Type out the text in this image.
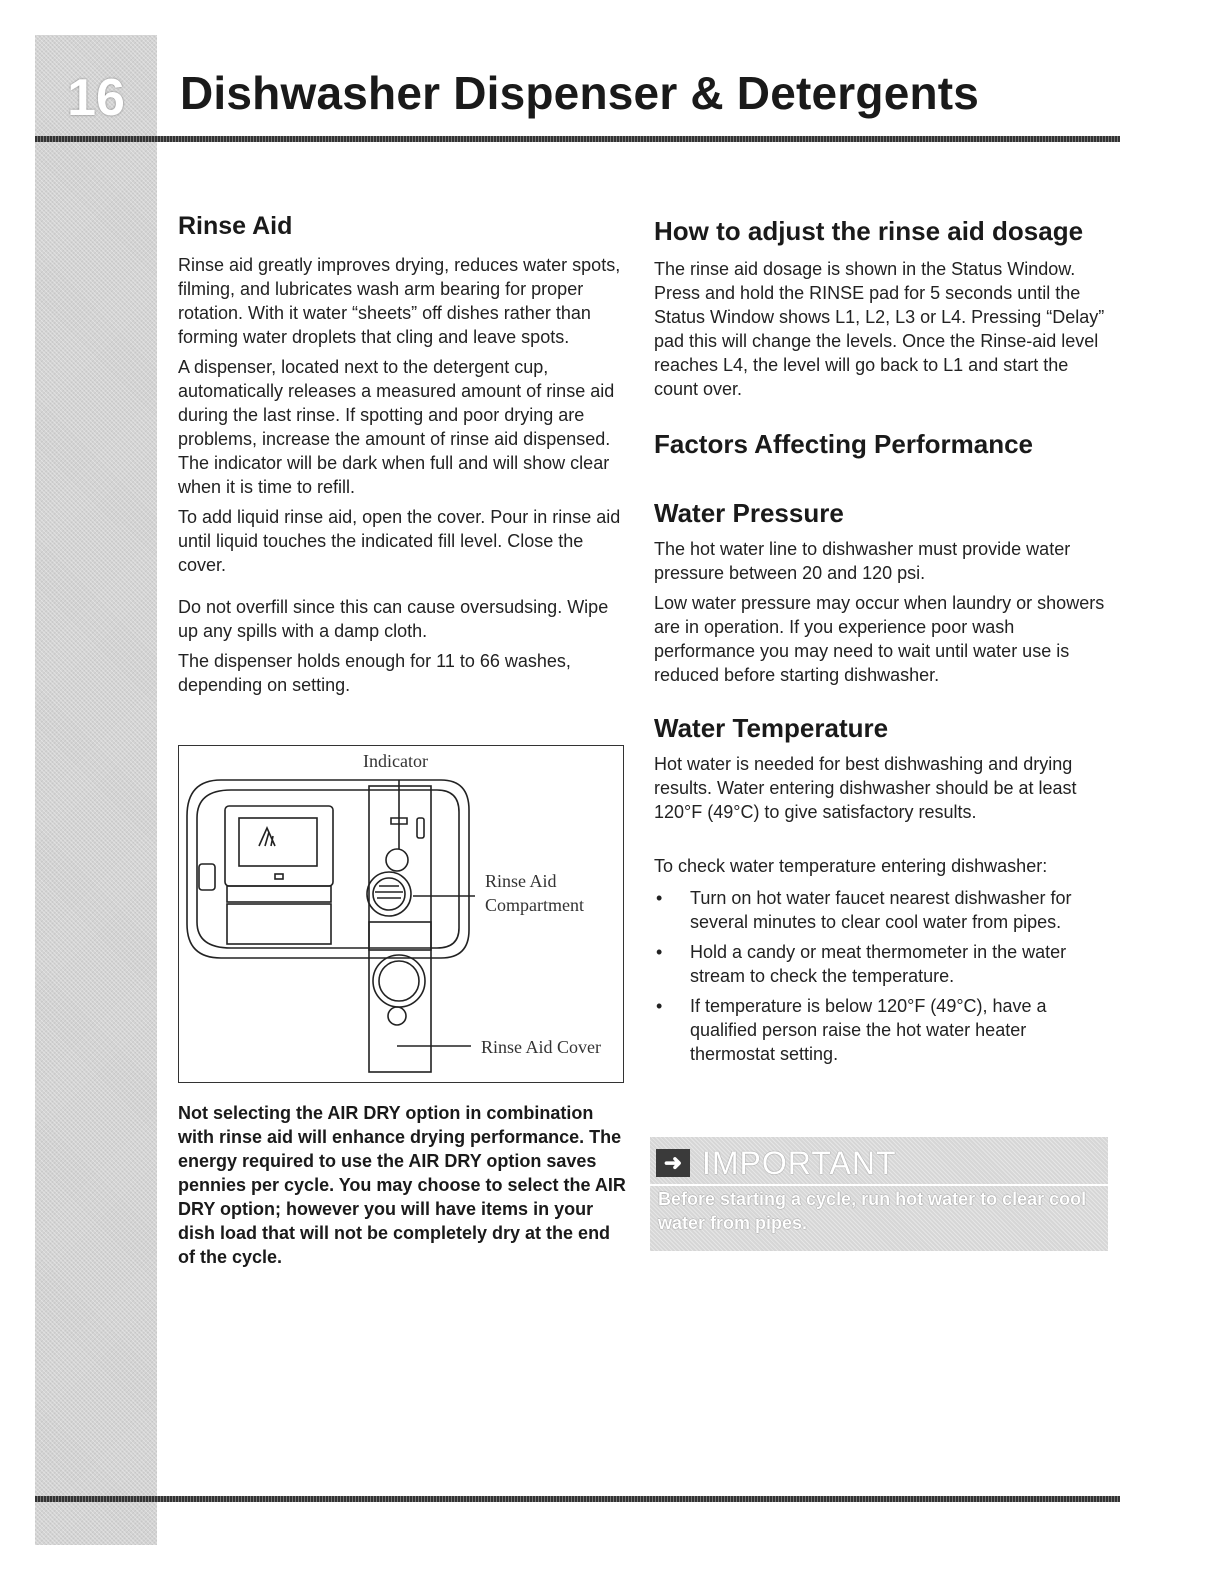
16	Dishwasher Dispenser & Detergents
Rinse Aid

Rinse aid greatly improves drying, reduces water spots, filming, and lubricates wash arm bearing for proper rotation. With it water “sheets” off dishes rather than forming water droplets that cling and leave spots.

A dispenser, located next to the detergent cup, automatically releases a measured amount of rinse aid during the last rinse. If spotting and poor drying are problems, increase the amount of rinse aid dispensed. The indicator will be dark when full and will show clear when it is time to refill.

To add liquid rinse aid, open the cover. Pour in rinse aid until liquid touches the indicated fill level. Close the cover.

Do not overfill since this can cause oversudsing. Wipe up any spills with a damp cloth.

The dispenser holds enough for 11 to 66 washes, depending on setting.

Indicator
Rinse Aid
Compartment
Rinse Aid Cover

Not selecting the AIR DRY option in combination with rinse aid will enhance drying performance. The energy required to use the AIR DRY option saves pennies per cycle. You may choose to select the AIR DRY option; however you will have items in your dish load that will not be completely dry at the end of the cycle.

How to adjust the rinse aid dosage

The rinse aid dosage is shown in the Status Window. Press and hold the RINSE pad for 5 seconds until the Status Window shows L1, L2, L3 or L4. Pressing “Delay” pad this will change the levels. Once the Rinse-aid level reaches L4, the level will go back to L1 and start the count over.

Factors Affecting Performance
Water Pressure

The hot water line to dishwasher must provide water pressure between 20 and 120 psi.

Low water pressure may occur when laundry or showers are in operation. If you experience poor wash performance you may need to wait until water use is reduced before starting dishwasher.

Water Temperature

Hot water is needed for best dishwashing and drying results. Water entering dishwasher should be at least 120°F (49°C) to give satisfactory results.

To check water temperature entering dishwasher:

• Turn on hot water faucet nearest dishwasher for several minutes to clear cool water from pipes.
• Hold a candy or meat thermometer in the water stream to check the temperature.
• If temperature is below 120°F (49°C), have a qualified person raise the hot water heater thermostat setting.
➜ IMPORTANT
Before starting a cycle, run hot water to clear cool water from pipes.
